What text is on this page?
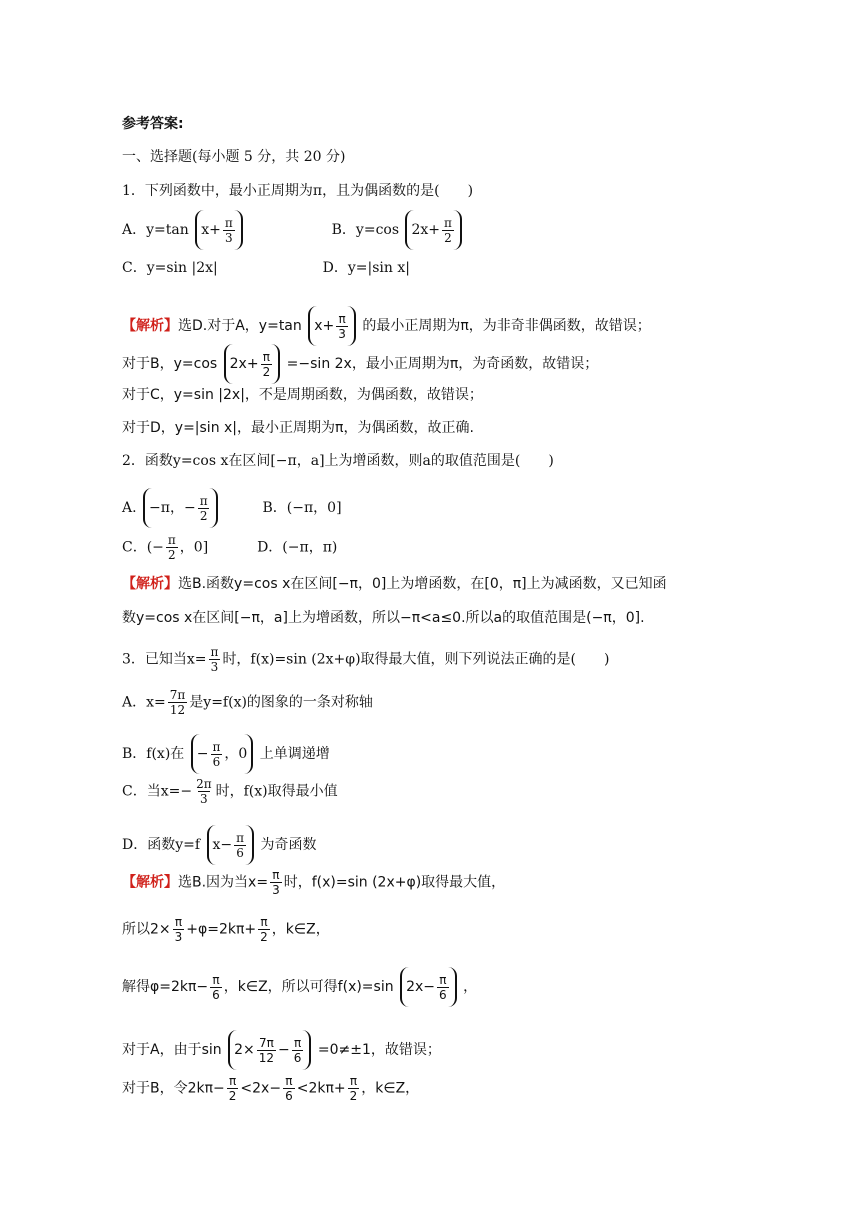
参考答案:
一、选择题(每小题 5 分，共 20 分)
1．下列函数中，最小正周期为π，且为偶函数的是(　　)
A．y=tan $x+ \frac{\pi}{3}$	B．y=cos $2x+ \frac{\pi}{2}$
C．y=sin |2x|	D．y=|sin x|
【解析】选D.对于A，y=tan $x+ \frac{\pi}{3}$ 的最小正周期为π，为非奇非偶函数，故错误；
对于B，y=cos $2x+ \frac{\pi}{2} =-\sin$ 2x，最小正周期为π，为奇函数，故错误；
对于C，y=sin |2x|，不是周期函数，为偶函数，故错误；
对于D，y=|sin x|，最小正周期为π，为偶函数，故正确.
2．函数y=cos x在区间[−π，a]上为增函数，则a的取值范围是(　　)
A. −π，− $\frac{\pi}{2}$	B．(−π，0]
C．(− $\frac{\pi}{2}$ ，0]	D．(−π，π)
【解析】选B.函数y=cos x在区间[−π，0]上为增函数，在[0，π]上为减函数，又已知函
数y=cos x在区间[−π，a]上为增函数，所以−π<a≤0.所以a的取值范围是(−π，0].
3．已知当$x= \frac{\pi}{3}$ 时，f(x)=sin (2x+φ)取得最大值，则下列说法正确的是(　　)
A．$x= \frac{7\pi}{12}$ 是y=f(x)的图象的一条对称轴
B．f(x)在 − $\frac{\pi}{6}$ ，0 上单调递增
C．当$x=- \frac{2\pi}{3}$ 时，f(x)取得最小值
D．函数y=f $x- \frac{\pi}{6}$ 为奇函数
【解析】选B.因为当$x= \frac{\pi}{3}$ 时，f(x)=sin (2x+φ)取得最大值，
所以$2\times \frac{\pi}{3} +\varphi=2k\pi+ \frac{\pi}{2}$ ，k∈Z，
解得$\varphi=2k\pi- \frac{\pi}{6}$ ，k∈Z，所以可得f(x)=sin $2x- \frac{\pi}{6}$ ，
对于A，由于$\sin 2\times \frac{7\pi}{12} - \frac{\pi}{6} =0\ne\pm 1$，故错误；
对于B，令$2k\pi- \frac{\pi}{2} <2x- \frac{\pi}{6} <2k\pi+ \frac{\pi}{2}$ ，k∈Z，
